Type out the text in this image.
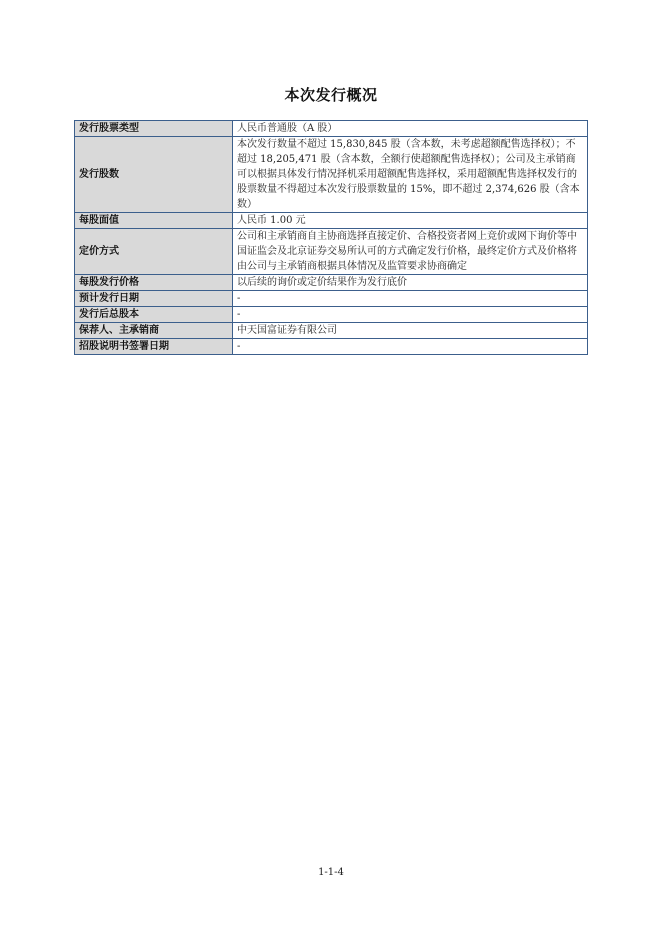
本次发行概况
发行股票类型	人民币普通股（A 股）
发行股数	本次发行数量不超过 15,830,845 股（含本数，未考虑超额配售选择权）；不超过 18,205,471 股（含本数，全额行使超额配售选择权）；公司及主承销商可以根据具体发行情况择机采用超额配售选择权，采用超额配售选择权发行的股票数量不得超过本次发行股票数量的 15%，即不超过 2,374,626 股（含本数）
每股面值	人民币 1.00 元
定价方式	公司和主承销商自主协商选择直接定价、合格投资者网上竞价或网下询价等中国证监会及北京证券交易所认可的方式确定发行价格，最终定价方式及价格将由公司与主承销商根据具体情况及监管要求协商确定
每股发行价格	以后续的询价或定价结果作为发行底价
预计发行日期	-
发行后总股本	-
保荐人、主承销商	中天国富证券有限公司
招股说明书签署日期	-
1-1-4
